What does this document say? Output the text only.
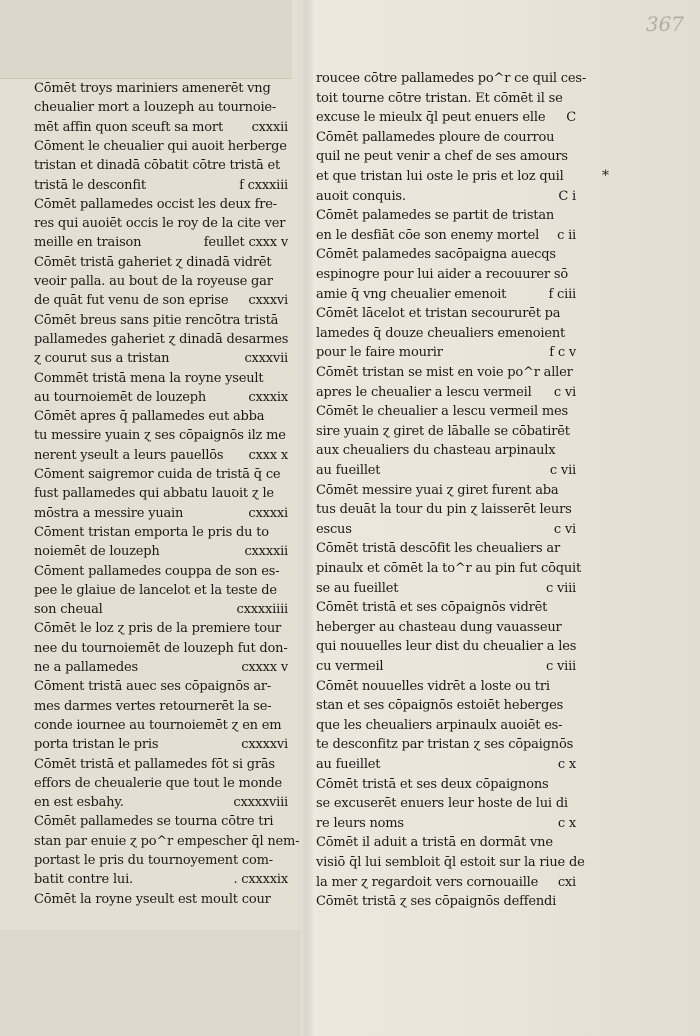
367
*
Cōmēt troys mariniers amenerēt vng
cheualier mort a louzeph au tournoie-
mēt affin quon sceuft sa mort cxxxii
Cōment le cheualier qui auoit herberge
tristan et dinadā cōbatit cōtre tristā et
tristā le desconfit	f cxxxiii
Cōmēt pallamedes occist les deux fre-
res qui auoiēt occis le roy de la cite ver
meille en traison	feullet cxxx v
Cōmēt tristā gaheriet ɀ dinadā vidrēt
veoir palla. au bout de la royeuse gar
de quāt fut venu de son eprise cxxxvi
Cōmēt breus sans pitie rencōtra tristā
pallamedes gaheriet ɀ dinadā desarmes
ɀ courut sus a tristan	cxxxvii
Commēt tristā mena la royne yseult
au tournoiemēt de louzeph	cxxxix
Cōmēt apres q̄ pallamedes eut abba
tu messire yuain ɀ ses cōpaignōs ilz me
nerent yseult a leurs pauellōs cxxx x
Cōment saigremor cuida de tristā q̄ ce
fust pallamedes qui abbatu lauoit ɀ le
mōstra a messire yuain	cxxxxi
Cōment tristan emporta le pris du to
noiemēt de louzeph	cxxxxii
Cōment pallamedes couppa de son es-
pee le glaiue de lancelot et la teste de
son cheual	cxxxxiiii
Cōmēt le loz ɀ pris de la premiere tour
nee du tournoiemēt de louzeph fut don-
ne a pallamedes	cxxxx v
Cōment tristā auec ses cōpaignōs ar-
mes darmes vertes retournerēt la se-
conde iournee au tournoiemēt ɀ en em
porta tristan le pris	cxxxxvi
Cōmēt tristā et pallamedes fōt si grās
effors de cheualerie que tout le monde
en est esbahy.	cxxxxviii
Cōmēt pallamedes se tourna cōtre tri
stan par enuie ɀ po^r empescher q̄l nem-
portast le pris du tournoyement com-
batit contre lui.	. cxxxxix
Cōmēt la royne yseult est moult cour
roucee cōtre pallamedes po^r ce quil ces-
toit tourne cōtre tristan. Et cōmēt il se
excuse le mieulx q̄l peut enuers elle C
Cōmēt pallamedes ploure de courrou
quil ne peut venir a chef de ses amours
et que tristan lui oste le pris et loz quil
auoit conquis.	C i
Cōmēt palamedes se partit de tristan
en le desfiāt cōe son enemy mortel c ii
Cōmēt palamedes sacōpaigna auecqs
espinogre pour lui aider a recouurer sō
amie q̄ vng cheualier emenoit	f ciii
Cōmēt lācelot et tristan secoururēt pa
lamedes q̄ douze cheualiers emenoient
pour le faire mourir	f c v
Cōmēt tristan se mist en voie po^r aller
apres le cheualier a lescu vermeil c vi
Cōmēt le cheualier a lescu vermeil mes
sire yuain ɀ giret de lāballe se cōbatirēt
aux cheualiers du chasteau arpinaulx
au fueillet	c vii
Cōmēt messire yuai ɀ giret furent aba
tus deuāt la tour du pin ɀ laisserēt leurs
escus	c vi
Cōmēt tristā descōfit les cheualiers ar
pinaulx et cōmēt la to^r au pin fut cōquit
se au fueillet	c viii
Cōmēt tristā et ses cōpaignōs vidrēt
heberger au chasteau dung vauasseur
qui nouuelles leur dist du cheualier a les
cu vermeil	c viii
Cōmēt nouuelles vidrēt a loste ou tri
stan et ses cōpaignōs estoiēt heberges
que les cheualiers arpinaulx auoiēt es-
te desconfitz par tristan ɀ ses cōpaignōs
au fueillet	c x
Cōmēt tristā et ses deux cōpaignons
se excuserēt enuers leur hoste de lui di
re leurs noms	c x
Cōmēt il aduit a tristā en dormāt vne
visiō q̄l lui sembloit q̄l estoit sur la riue de
la mer ɀ regardoit vers cornouaille cxi
Cōmēt tristā ɀ ses cōpaignōs deffendi
